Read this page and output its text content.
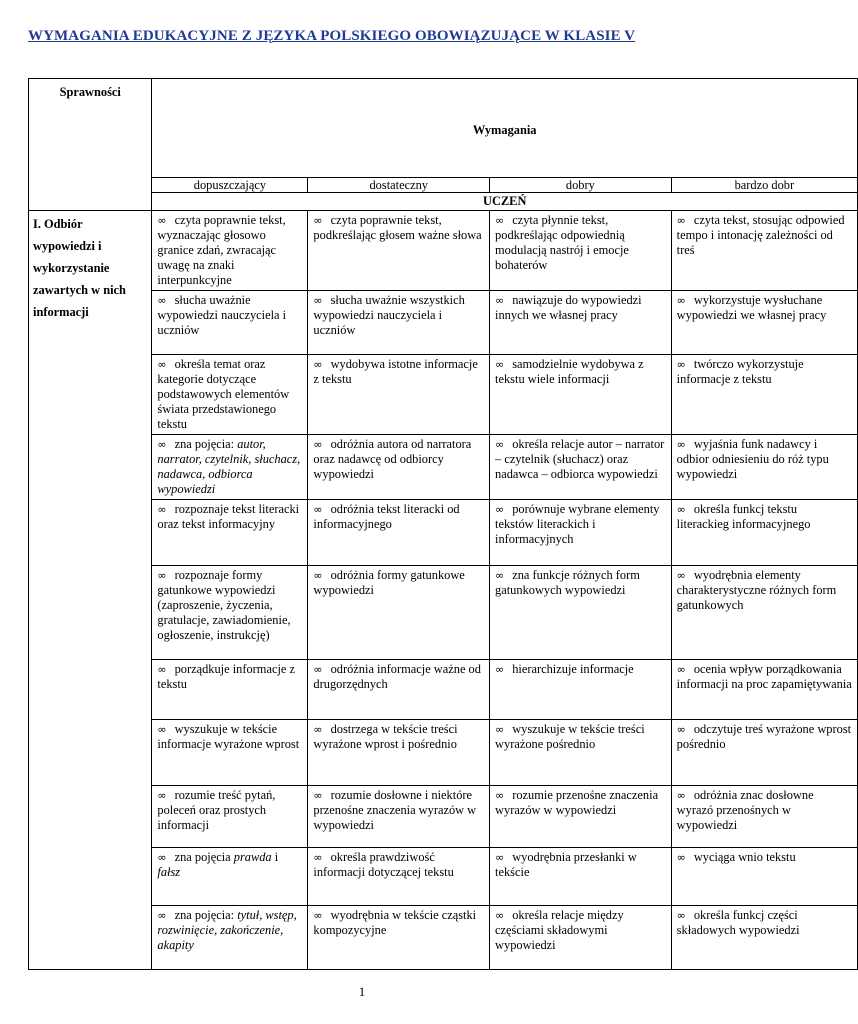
WYMAGANIA EDUKACYJNE Z JĘZYKA POLSKIEGO OBOWIĄZUJĄCE W KLASIE V
Sprawności	Wymagania			
	dopuszczający	dostateczny	dobry	bardzo dobr
	UCZEŃ			
I. Odbiór wypowiedzi i wykorzystanie zawartych w nich informacji	∞ czyta poprawnie tekst, wyznaczając głosowo granice zdań, zwracając uwagę na znaki interpunkcyjne	∞ czyta poprawnie tekst, podkreślając głosem ważne słowa	∞ czyta płynnie tekst, podkreślając odpowiednią modulacją nastrój i emocje bohaterów	∞ czyta tekst, stosując odpowied tempo i intonację zależności od treś
	∞ słucha uważnie wypowiedzi nauczyciela i uczniów	∞ słucha uważnie wszystkich wypowiedzi nauczyciela i uczniów	∞ nawiązuje do wypowiedzi innych we własnej pracy	∞ wykorzystuje wysłuchane wypowiedzi we własnej pracy
	∞ określa temat oraz kategorie dotyczące podstawowych elementów świata przedstawionego tekstu	∞ wydobywa istotne informacje z tekstu	∞ samodzielnie wydobywa z tekstu wiele informacji	∞ twórczo wykorzystuje informacje z tekstu
	∞ zna pojęcia: autor, narrator, czytelnik, słuchacz, nadawca, odbiorca wypowiedzi	∞ odróżnia autora od narratora oraz nadawcę od odbiorcy wypowiedzi	∞ określa relacje autor – narrator – czytelnik (słuchacz) oraz nadawca – odbiorca wypowiedzi	∞ wyjaśnia funk nadawcy i odbior odniesieniu do róż typu wypowiedzi
	∞ rozpoznaje tekst literacki oraz tekst informacyjny	∞ odróżnia tekst literacki od informacyjnego	∞ porównuje wybrane elementy tekstów literackich i informacyjnych	∞ określa funkcj tekstu literackieg informacyjnego
	∞ rozpoznaje formy gatunkowe wypowiedzi (zaproszenie, życzenia, gratulacje, zawiadomienie, ogłoszenie, instrukcję)	∞ odróżnia formy gatunkowe wypowiedzi	∞ zna funkcje różnych form gatunkowych wypowiedzi	∞ wyodrębnia elementy charakterystyczne różnych form gatunkowych
	∞ porządkuje informacje z tekstu	∞ odróżnia informacje ważne od drugorzędnych	∞ hierarchizuje informacje	∞ ocenia wpływ porządkowania informacji na proc zapamiętywania
	∞ wyszukuje w tekście informacje wyrażone wprost	∞ dostrzega w tekście treści wyrażone wprost i pośrednio	∞ wyszukuje w tekście treści wyrażone pośrednio	∞ odczytuje treś wyrażone wprost pośrednio
	∞ rozumie treść pytań, poleceń oraz prostych informacji	∞ rozumie dosłowne i niektóre przenośne znaczenia wyrazów w wypowiedzi	∞ rozumie przenośne znaczenia wyrazów w wypowiedzi	∞ odróżnia znac dosłowne wyrazó przenośnych w wypowiedzi
	∞ zna pojęcia prawda i fałsz	∞ określa prawdziwość informacji dotyczącej tekstu	∞ wyodrębnia przesłanki w tekście	∞ wyciąga wnio tekstu
	∞ zna pojęcia: tytuł, wstęp, rozwinięcie, zakończenie, akapity	∞ wyodrębnia w tekście cząstki kompozycyjne	∞ określa relacje między częściami składowymi wypowiedzi	∞ określa funkcj części składowych wypowiedzi
1
